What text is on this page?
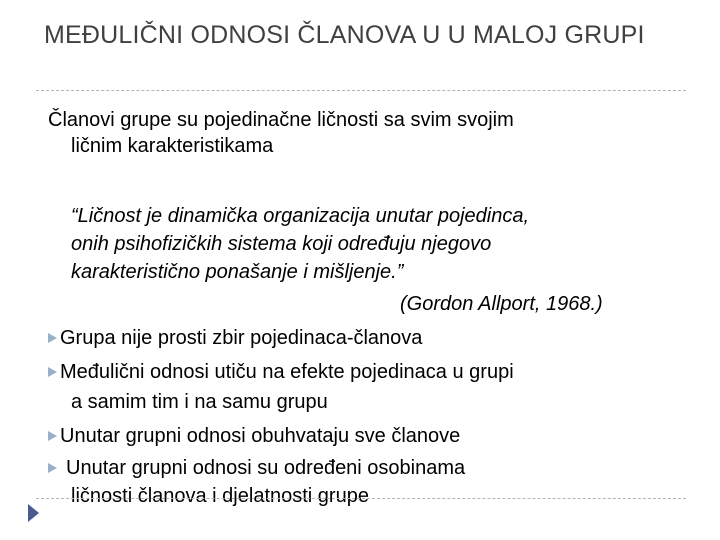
MEĐULIČNI ODNOSI ČLANOVA U U MALOJ GRUPI
Članovi grupe su pojedinačne ličnosti sa svim svojim
ličnim karakteristikama
“Ličnost je dinamička organizacija unutar pojedinca,
onih psihofizičkih sistema koji određuju njegovo
karakteristično ponašanje i mišljenje.”
(Gordon Allport, 1968.)
Grupa nije prosti zbir pojedinaca-članova
Međulični odnosi utiču na efekte pojedinaca u grupi
a samim tim i na samu grupu
Unutar grupni odnosi obuhvataju sve članove
Unutar grupni odnosi su određeni osobinama
ličnosti članova i djelatnosti grupe
